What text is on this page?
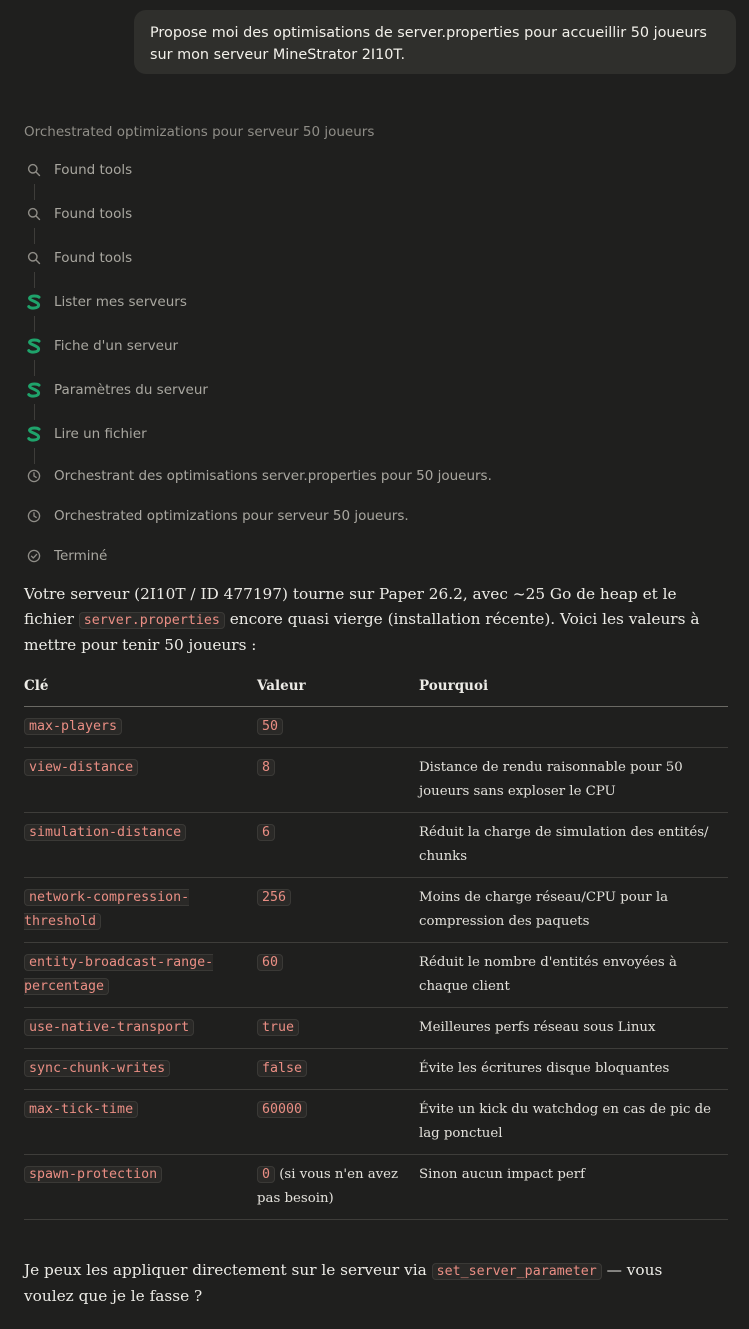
Propose moi des optimisations de server.properties pour accueillir 50 joueurs sur mon serveur MineStrator 2I10T.
Orchestrated optimizations pour serveur 50 joueurs
Found tools
Found tools
Found tools
Lister mes serveurs
Fiche d'un serveur
Paramètres du serveur
Lire un fichier
Orchestrant des optimisations server.properties pour 50 joueurs.
Orchestrated optimizations pour serveur 50 joueurs.
Terminé
Votre serveur (2I10T / ID 477197) tourne sur Paper 26.2, avec ~25 Go de heap et le fichier server.properties encore quasi vierge (installation récente). Voici les valeurs à mettre pour tenir 50 joueurs :
Clé	Valeur	Pourquoi
max-players	50	
view-distance	8	Distance de rendu raisonnable pour 50 joueurs sans exploser le CPU
simulation-distance	6	Réduit la charge de simulation des entités/ chunks
network-compression-threshold	256	Moins de charge réseau/CPU pour la compression des paquets
entity-broadcast-range-percentage	60	Réduit le nombre d'entités envoyées à chaque client
use-native-transport	true	Meilleures perfs réseau sous Linux
sync-chunk-writes	false	Évite les écritures disque bloquantes
max-tick-time	60000	Évite un kick du watchdog en cas de pic de lag ponctuel
spawn-protection	0 (si vous n'en avez pas besoin)	Sinon aucun impact perf
Je peux les appliquer directement sur le serveur via set_server_parameter — vous voulez que je le fasse ?
